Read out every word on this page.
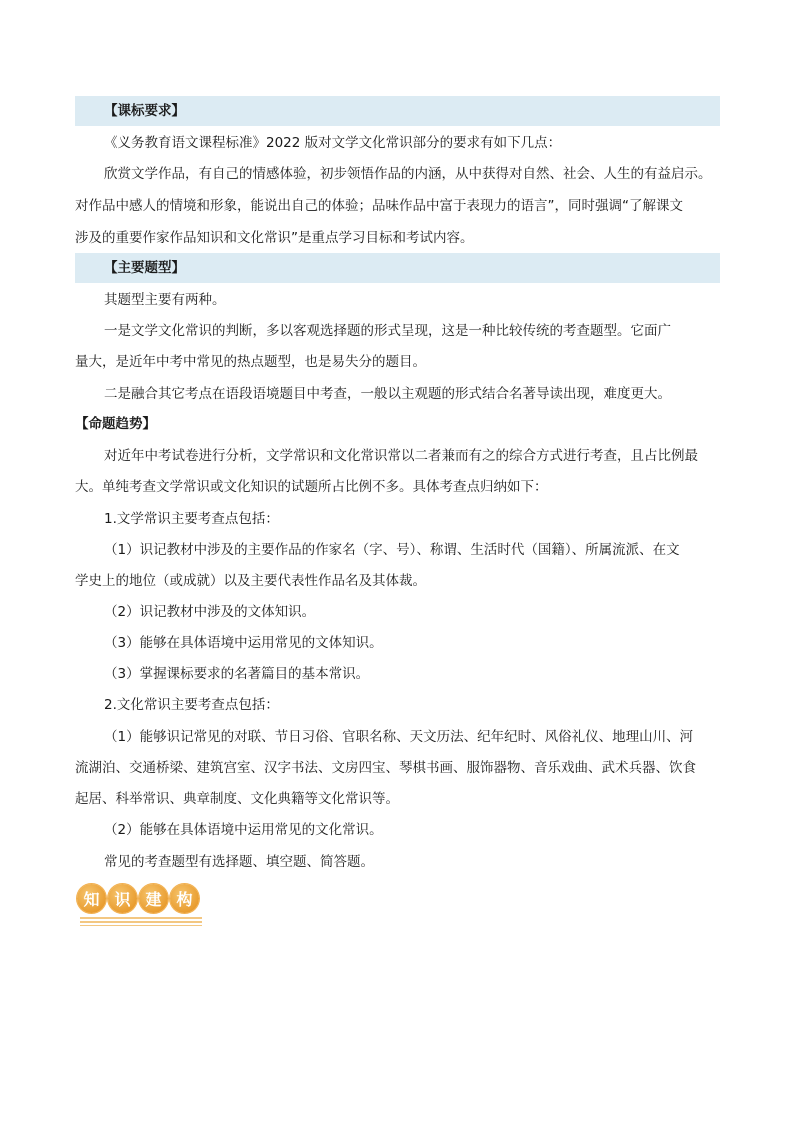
【课标要求】
《义务教育语文课程标准》2022 版对文学文化常识部分的要求有如下几点：
欣赏文学作品，有自己的情感体验，初步领悟作品的内涵，从中获得对自然、社会、人生的有益启示。
对作品中感人的情境和形象，能说出自己的体验；品味作品中富于表现力的语言”，同时强调“了解课文
涉及的重要作家作品知识和文化常识”是重点学习目标和考试内容。
【主要题型】
其题型主要有两种。
一是文学文化常识的判断，多以客观选择题的形式呈现，这是一种比较传统的考查题型。它面广
量大，是近年中考中常见的热点题型，也是易失分的题目。
二是融合其它考点在语段语境题目中考查，一般以主观题的形式结合名著导读出现，难度更大。
【命题趋势】
对近年中考试卷进行分析，文学常识和文化常识常以二者兼而有之的综合方式进行考查，且占比例最
大。单纯考查文学常识或文化知识的试题所占比例不多。具体考查点归纳如下：
1.文学常识主要考查点包括：
（1）识记教材中涉及的主要作品的作家名（字、号）、称谓、生活时代（国籍）、所属流派、在文
学史上的地位（或成就）以及主要代表性作品名及其体裁。
（2）识记教材中涉及的文体知识。
（3）能够在具体语境中运用常见的文体知识。
（3）掌握课标要求的名著篇目的基本常识。
2.文化常识主要考查点包括：
（1）能够识记常见的对联、节日习俗、官职名称、天文历法、纪年纪时、风俗礼仪、地理山川、河
流湖泊、交通桥梁、建筑宫室、汉字书法、文房四宝、琴棋书画、服饰器物、音乐戏曲、武术兵器、饮食
起居、科举常识、典章制度、文化典籍等文化常识等。
（2）能够在具体语境中运用常见的文化常识。
常见的考查题型有选择题、填空题、简答题。
知 识 建 构
